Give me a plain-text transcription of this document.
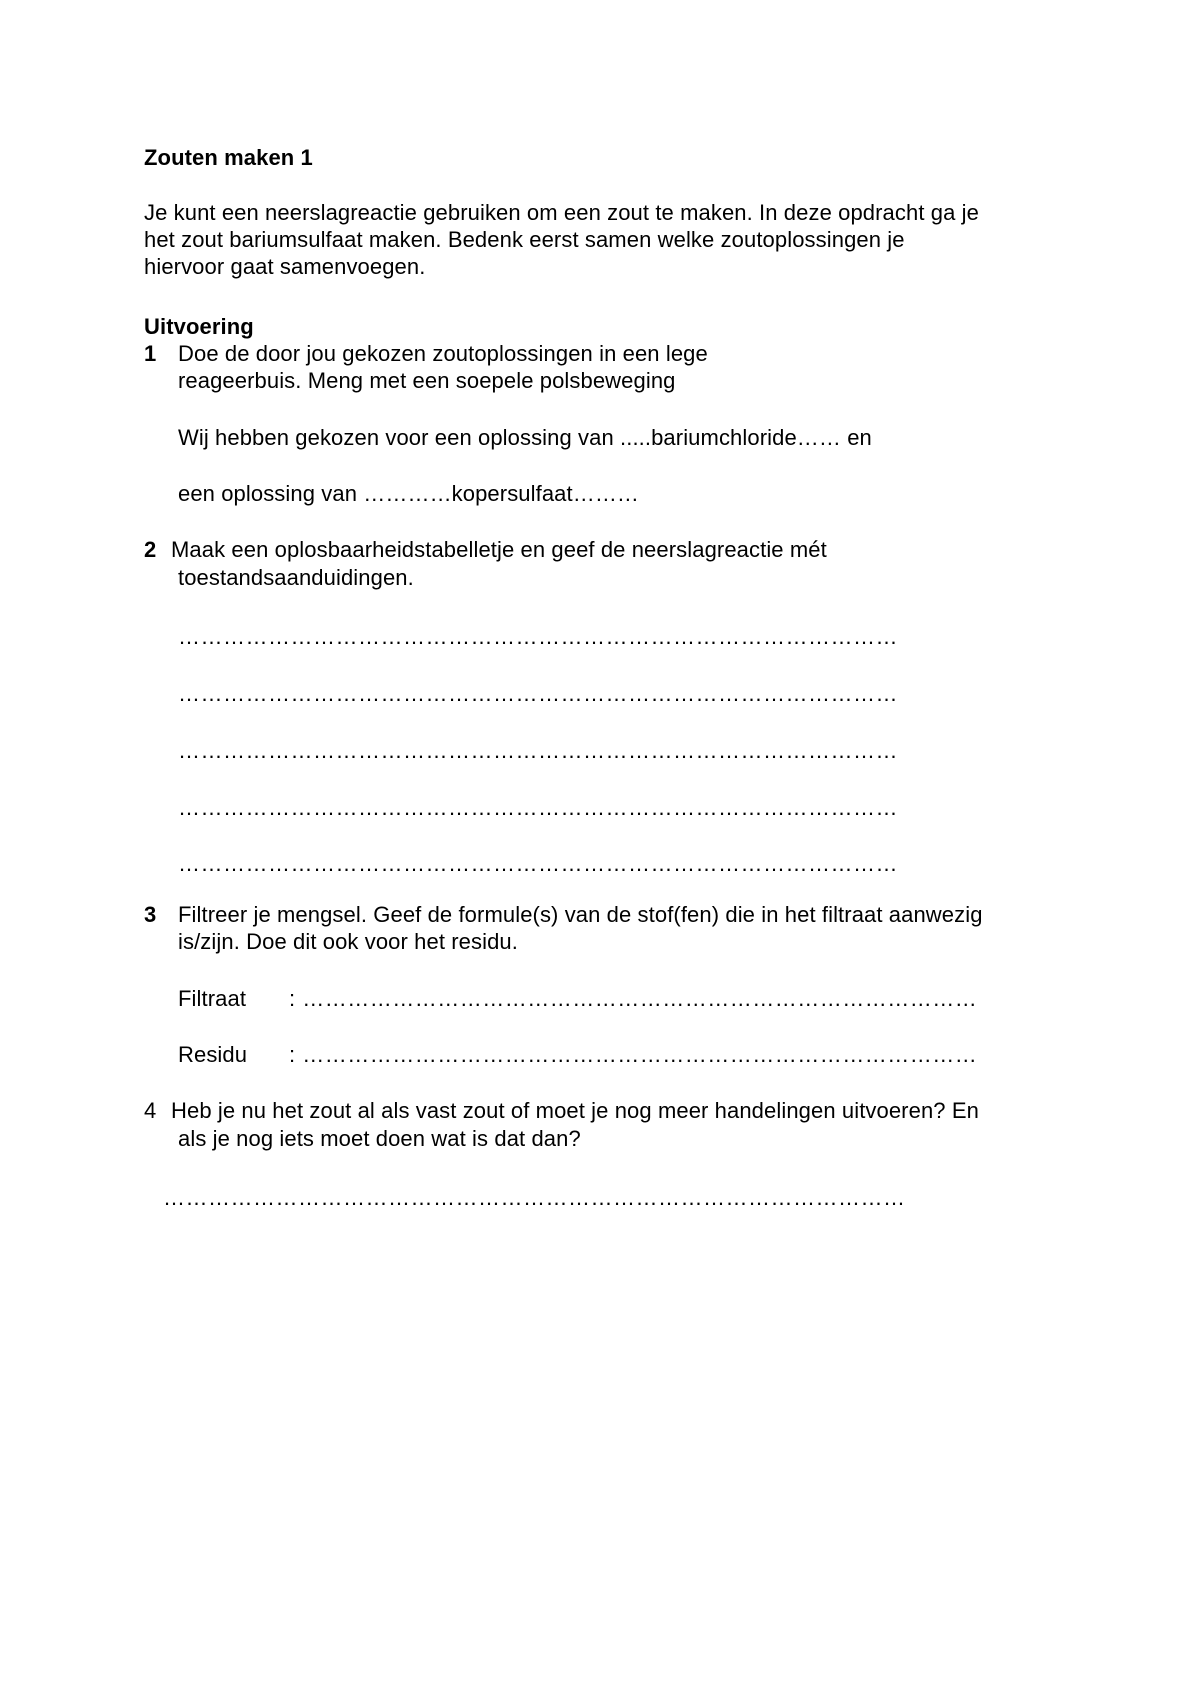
Zouten maken 1
Je kunt een neerslagreactie gebruiken om een zout te maken. In deze opdracht ga je
het zout bariumsulfaat maken. Bedenk eerst samen welke zoutoplossingen je
hiervoor gaat samenvoegen.
Uitvoering
1 Doe de door jou gekozen zoutoplossingen in een lege
reageerbuis. Meng met een soepele polsbeweging
Wij hebben gekozen voor een oplossing van .....bariumchloride…… en
een oplossing van …………kopersulfaat………
2 Maak een oplosbaarheidstabelletje en geef de neerslagreactie mét
toestandsaanduidingen.
……………………………………………………………………………………
……………………………………………………………………………………
……………………………………………………………………………………
……………………………………………………………………………………
……………………………………………………………………………………
3 Filtreer je mengsel. Geef de formule(s) van de stof(fen) die in het filtraat aanwezig
is/zijn. Doe dit ook voor het residu.
Filtraat : ………………………………………………………………………………
Residu : ………………………………………………………………………………
4 Heb je nu het zout al als vast zout of moet je nog meer handelingen uitvoeren? En
als je nog iets moet doen wat is dat dan?
………………………………………………………………………………………
